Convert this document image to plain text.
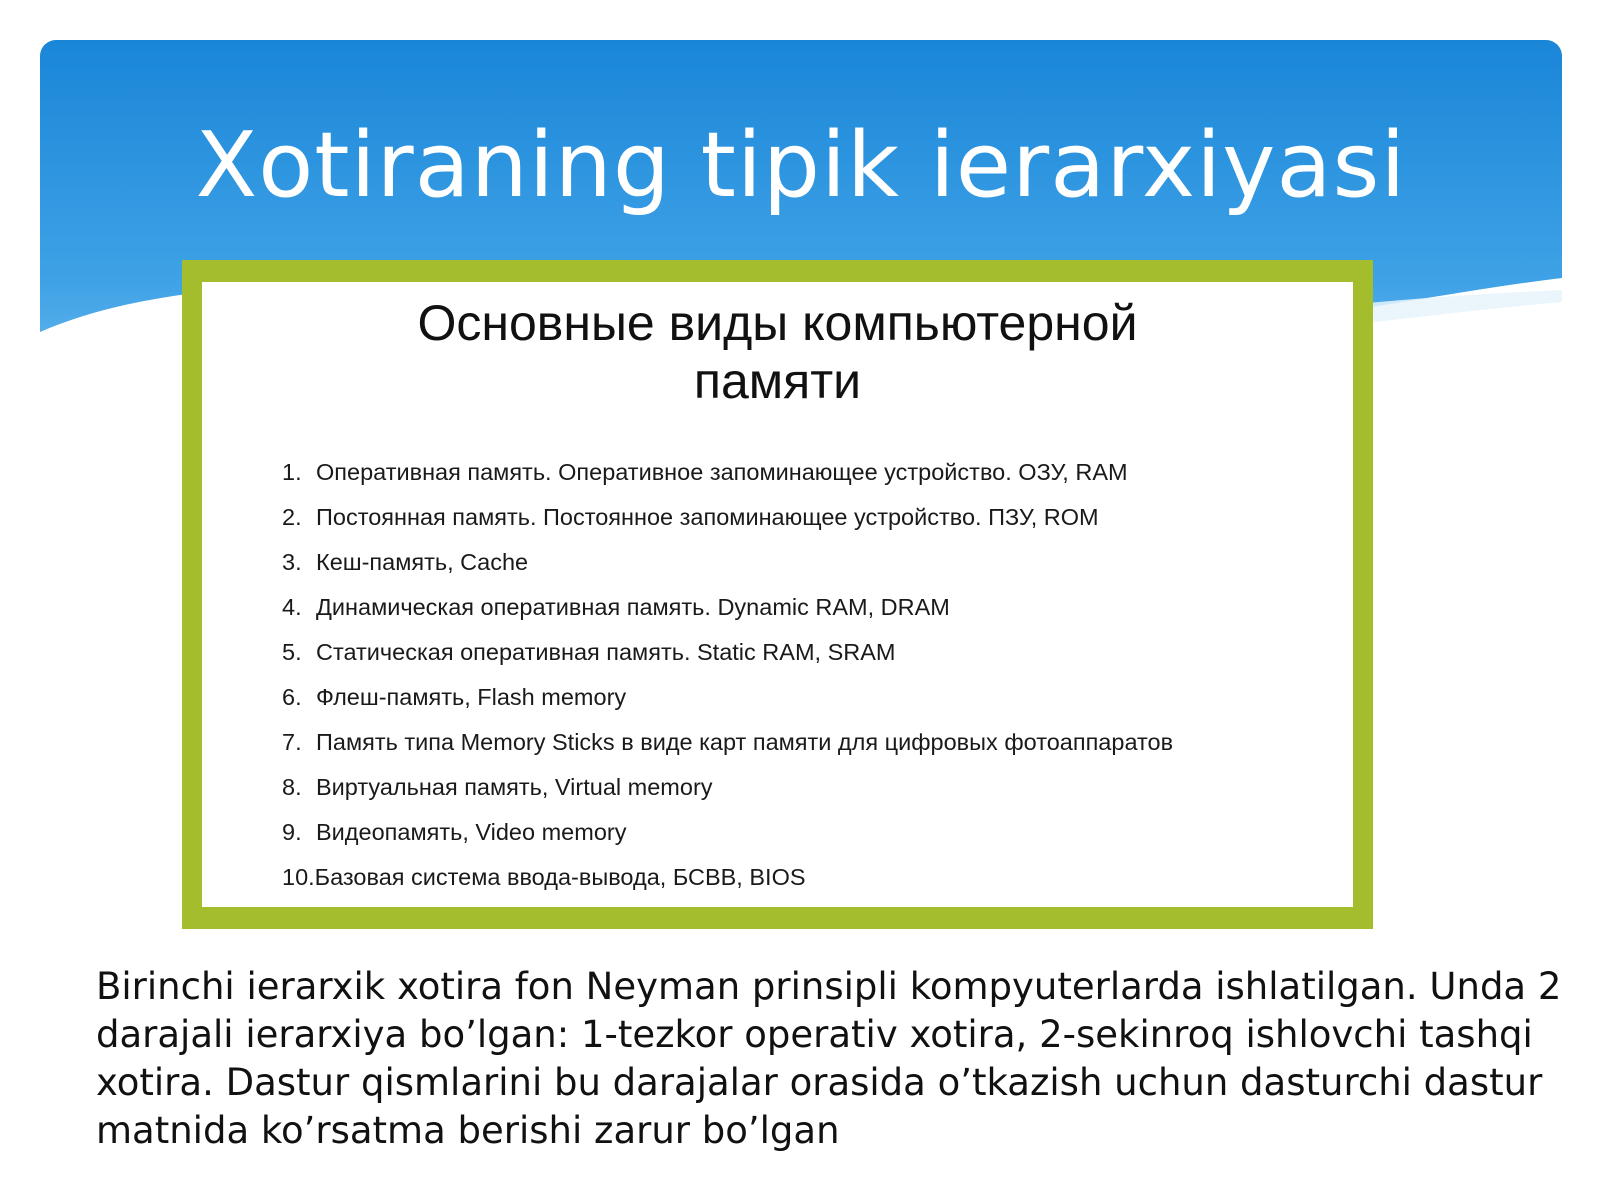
Xotiraning tipik ierarxiyasi
Основные виды компьютерной
памяти
1. Оперативная память. Оперативное запоминающее устройство. ОЗУ, RAM
2. Постоянная память. Постоянное запоминающее устройство. ПЗУ, ROM
3. Кеш-память, Cache
4. Динамическая оперативная память. Dynamic RAM, DRAM
5. Статическая оперативная память. Static RAM, SRAM
6. Флеш-память, Flash memory
7. Память типа Memory Sticks в виде карт памяти для цифровых фотоаппаратов
8. Виртуальная память, Virtual memory
9. Видеопамять, Video memory
10.Базовая система ввода-вывода, БСВВ, BIOS

Birinchi ierarxik xotira fon Neyman prinsipli kompyuterlarda ishlatilgan. Unda 2 darajali ierarxiya bo’lgan: 1-tezkor operativ xotira, 2-sekinroq ishlovchi tashqi xotira. Dastur qismlarini bu darajalar orasida o’tkazish uchun dasturchi dastur matnida ko’rsatma berishi zarur bo’lgan
